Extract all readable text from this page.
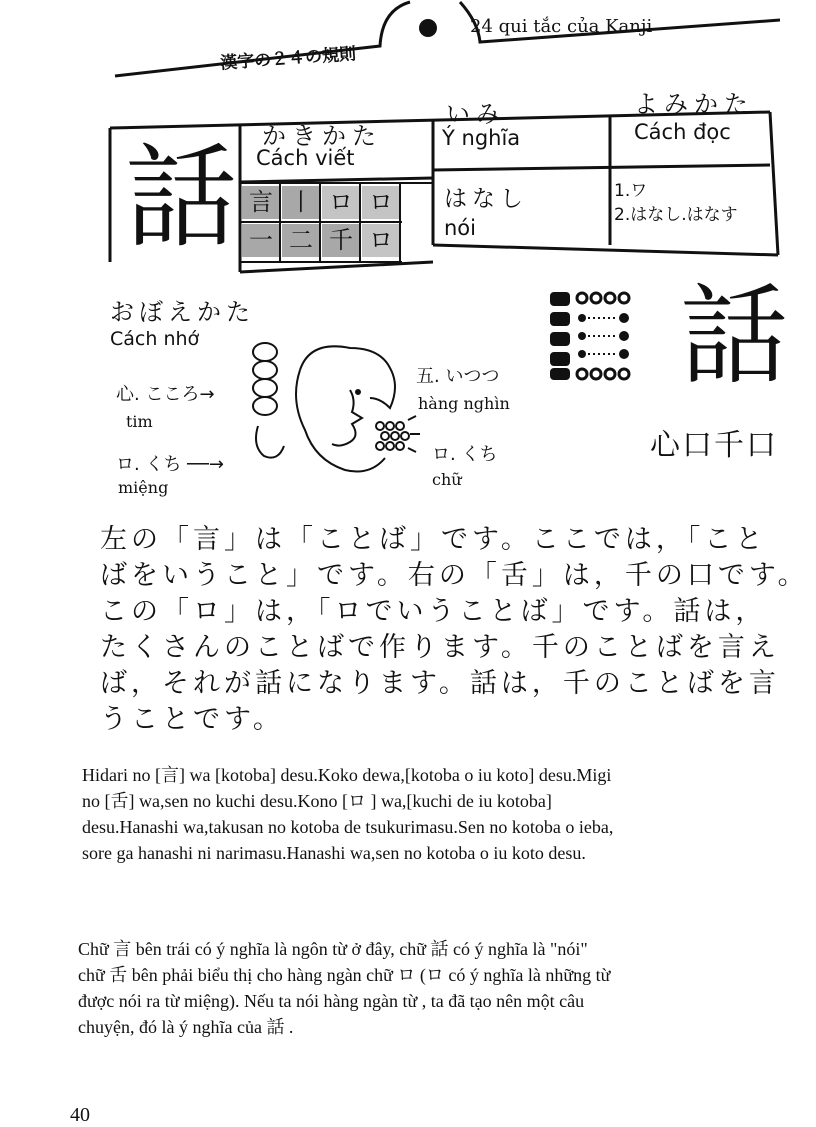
漢字の２４の規則
24 qui tắc của Kanji
話 かきかた
Cách viết
いみ
Ý nghĩa
よみかた
Cách đọc
言 丨 ロ ロ
一 二 千 ロ
はなし
nói
1.ワ
2.はなし.はなす
おぼえかた
Cách nhớ
心. こころ→
tim
ロ. くち ──→
miệng
五. いつつ
hàng nghìn
ロ. くち
chữ
話
心口千口
左の「言」は「ことば」です。ここでは，「こと
ばをいうこと」です。右の「舌」は，千の口です。
この「ロ」は，「ロでいうことば」です。話は，
たくさんのことばで作ります。千のことばを言え
ば，それが話になります。話は，千のことばを言
うことです。
Hidari no [言] wa [kotoba] desu.Koko dewa,[kotoba o iu koto] desu.Migi
no [舌] wa,sen no kuchi desu.Kono [ロ ] wa,[kuchi de iu kotoba]
desu.Hanashi wa,takusan no kotoba de tsukurimasu.Sen no kotoba o ieba,
sore ga hanashi ni narimasu.Hanashi wa,sen no kotoba o iu koto desu.
Chữ 言 bên trái có ý nghĩa là ngôn từ ở đây, chữ 話 có ý nghĩa là "nói"
chữ 舌 bên phải biểu thị cho hàng ngàn chữ ロ (ロ có ý nghĩa là những từ
được nói ra từ miệng). Nếu ta nói hàng ngàn từ , ta đã tạo nên một câu
chuyện, đó là ý nghĩa của 話 .
40
